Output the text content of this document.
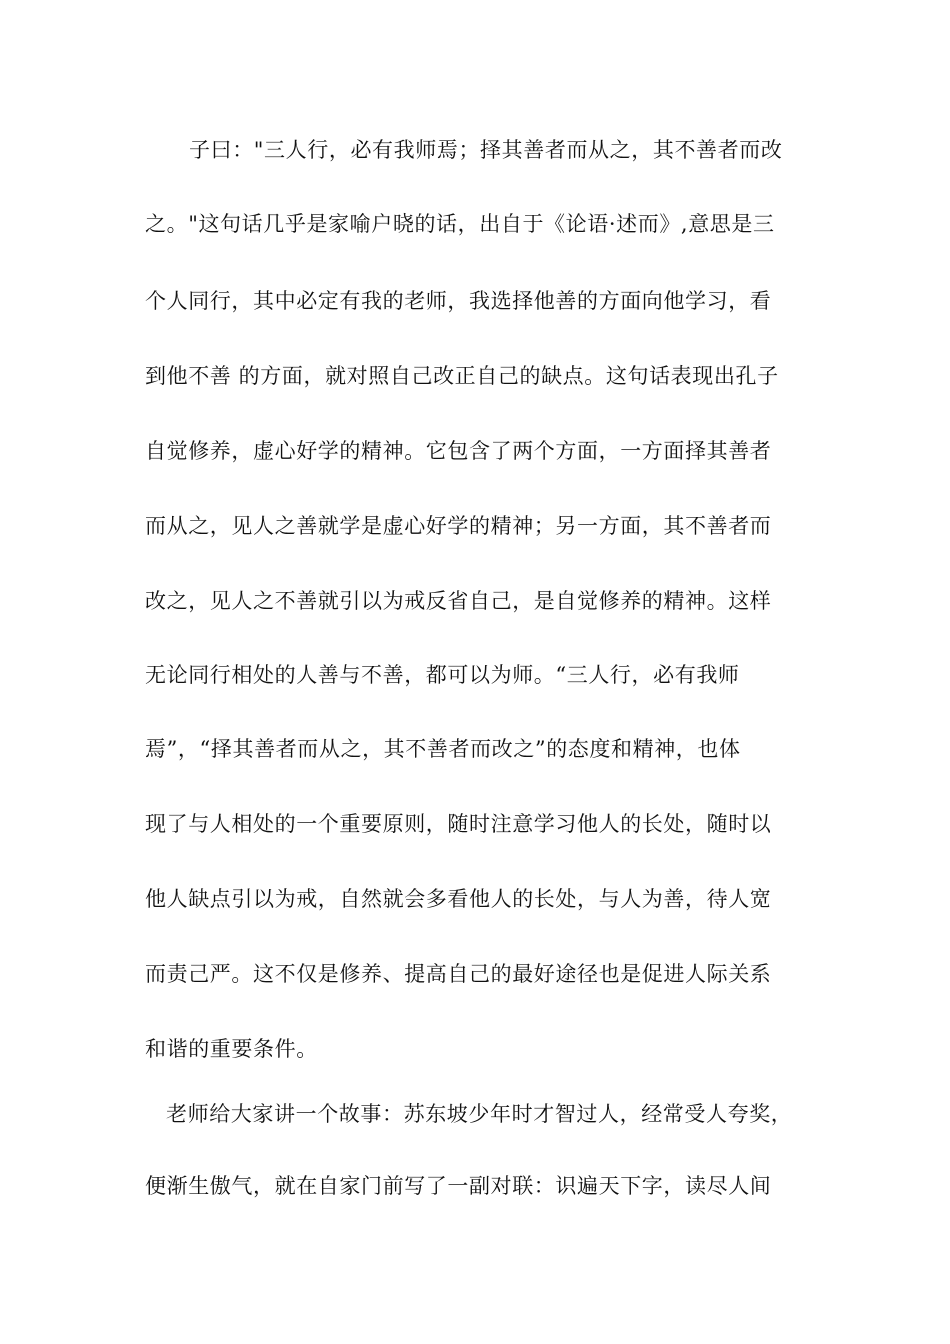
子曰："三人行，必有我师焉；择其善者而从之，其不善者而改
之。"这句话几乎是家喻户晓的话，出自于《论语·述而》,意思是三
个人同行，其中必定有我的老师，我选择他善的方面向他学习，看
到他不善 的方面，就对照自己改正自己的缺点。这句话表现出孔子
自觉修养，虚心好学的精神。它包含了两个方面，一方面择其善者
而从之，见人之善就学是虚心好学的精神；另一方面，其不善者而
改之，见人之不善就引以为戒反省自己，是自觉修养的精神。这样
无论同行相处的人善与不善，都可以为师。“三人行，必有我师
焉”，“择其善者而从之，其不善者而改之”的态度和精神，也体
现了与人相处的一个重要原则，随时注意学习他人的长处，随时以
他人缺点引以为戒，自然就会多看他人的长处，与人为善，待人宽
而责己严。这不仅是修养、提高自己的最好途径也是促进人际关系
和谐的重要条件。
老师给大家讲一个故事：苏东坡少年时才智过人，经常受人夸奖，
便渐生傲气，就在自家门前写了一副对联：识遍天下字，读尽人间
